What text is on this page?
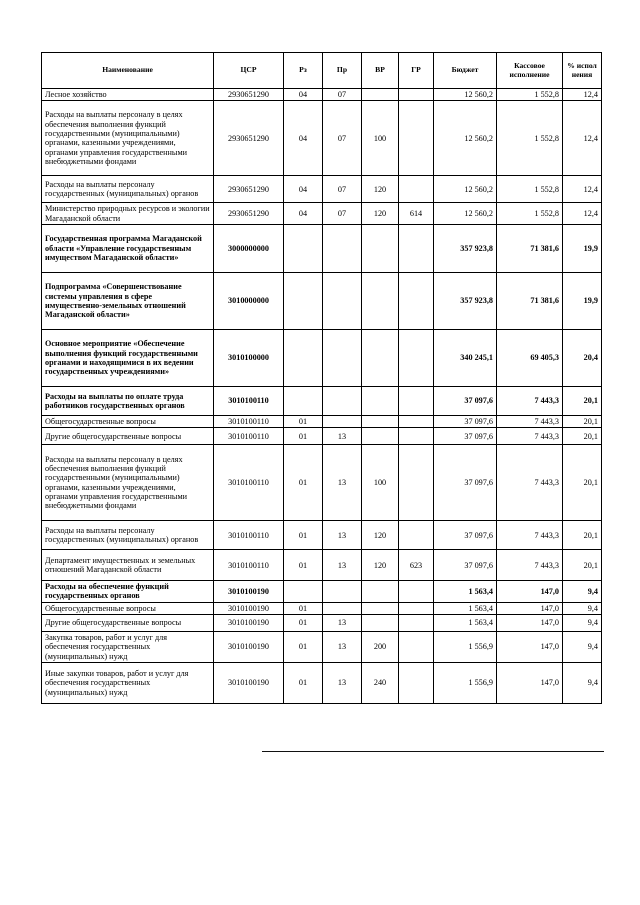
Наименование	ЦСР	Рз	Пр	ВР	ГР	Бюджет	Кассовое исполнение	% испол нения
Лесное хозяйство	2930651290	04	07			12 560,2	1 552,8	12,4
Расходы на выплаты персоналу в целях обеспечения выполнения функций государственными (муниципальными) органами, казенными учреждениями, органами управления государственными внебюджетными фондами	2930651290	04	07	100		12 560,2	1 552,8	12,4
Расходы на выплаты персоналу государственных (муниципальных) органов	2930651290	04	07	120		12 560,2	1 552,8	12,4
Министерство природных ресурсов и экологии Магаданской области	2930651290	04	07	120	614	12 560,2	1 552,8	12,4
Государственная программа Магаданской области «Управление государственным имуществом Магаданской области»	3000000000					357 923,8	71 381,6	19,9
Подпрограмма «Совершенствование системы управления в сфере имущественно-земельных отношений Магаданской области»	3010000000					357 923,8	71 381,6	19,9
Основное мероприятие «Обеспечение выполнения функций государственными органами и находящимися в их ведении государственных учреждениями»	3010100000					340 245,1	69 405,3	20,4
Расходы на выплаты по оплате труда работников государственных органов	3010100110					37 097,6	7 443,3	20,1
Общегосударственные вопросы	3010100110	01				37 097,6	7 443,3	20,1
Другие общегосударственные вопросы	3010100110	01	13			37 097,6	7 443,3	20,1
Расходы на выплаты персоналу в целях обеспечения выполнения функций государственными (муниципальными) органами, казенными учреждениями, органами управления государственными внебюджетными фондами	3010100110	01	13	100		37 097,6	7 443,3	20,1
Расходы на выплаты персоналу государственных (муниципальных) органов	3010100110	01	13	120		37 097,6	7 443,3	20,1
Департамент имущественных и земельных отношений Магаданской области	3010100110	01	13	120	623	37 097,6	7 443,3	20,1
Расходы на обеспечение функций государственных органов	3010100190					1 563,4	147,0	9,4
Общегосударственные вопросы	3010100190	01				1 563,4	147,0	9,4
Другие общегосударственные вопросы	3010100190	01	13			1 563,4	147,0	9,4
Закупка товаров, работ и услуг для обеспечения государственных (муниципальных) нужд	3010100190	01	13	200		1 556,9	147,0	9,4
Иные закупки товаров, работ и услуг для обеспечения государственных (муниципальных) нужд	3010100190	01	13	240		1 556,9	147,0	9,4
